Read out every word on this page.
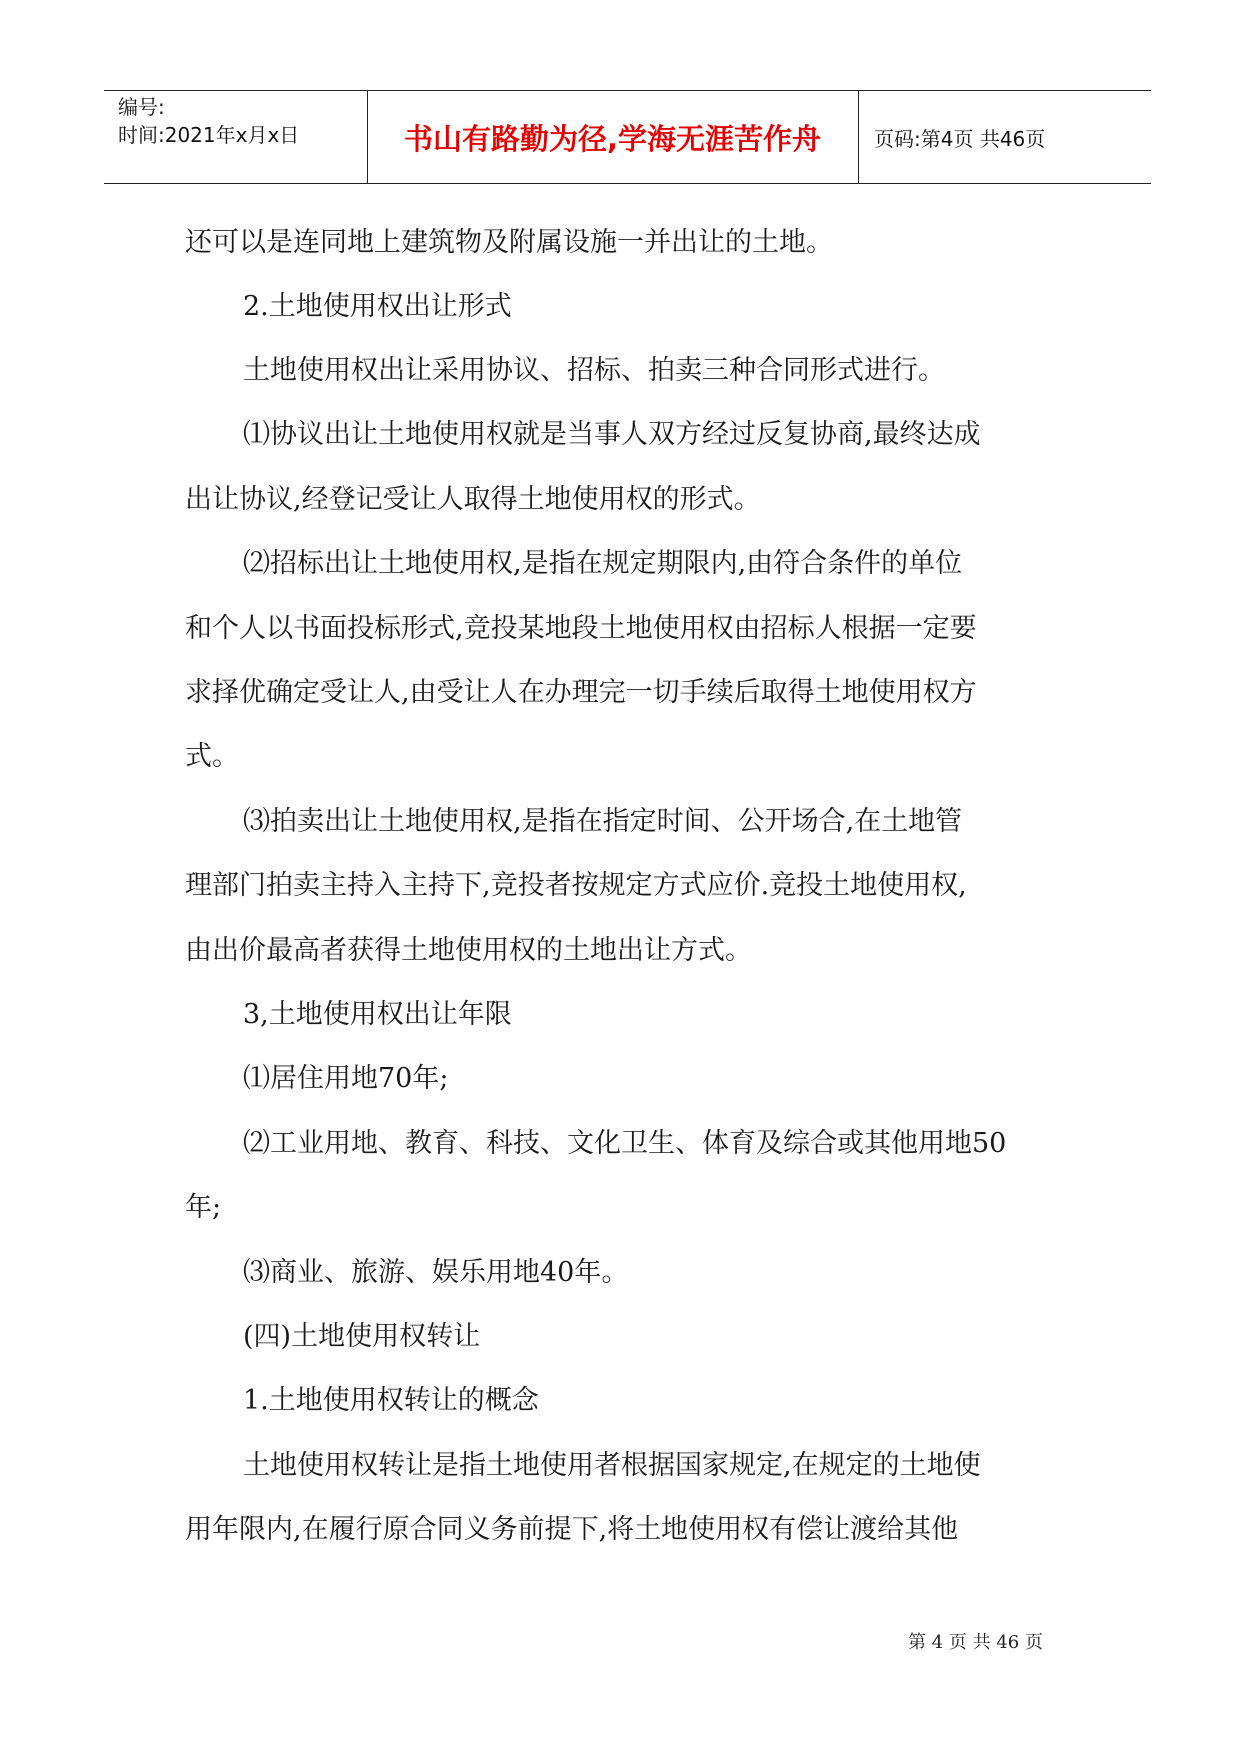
编号:
时间:2021年x月x日	书山有路勤为径,学海无涯苦作舟	页码:第4页 共46页
还可以是连同地上建筑物及附属设施一并出让的土地。
2.土地使用权出让形式
土地使用权出让采用协议、招标、拍卖三种合同形式进行。
⑴协议出让土地使用权就是当事人双方经过反复协商,最终达成
出让协议,经登记受让人取得土地使用权的形式。
⑵招标出让土地使用权,是指在规定期限内,由符合条件的单位
和个人以书面投标形式,竞投某地段土地使用权由招标人根据一定要
求择优确定受让人,由受让人在办理完一切手续后取得土地使用权方
式。
⑶拍卖出让土地使用权,是指在指定时间、公开场合,在土地管
理部门拍卖主持入主持下,竞投者按规定方式应价.竞投土地使用权,
由出价最高者获得土地使用权的土地出让方式。
3,土地使用权出让年限
⑴居住用地70年;
⑵工业用地、教育、科技、文化卫生、体育及综合或其他用地50
年;
⑶商业、旅游、娱乐用地40年。
(四)土地使用权转让
1.土地使用权转让的概念
土地使用权转让是指土地使用者根据国家规定,在规定的土地使
用年限内,在履行原合同义务前提下,将土地使用权有偿让渡给其他
第 4 页 共 46 页
